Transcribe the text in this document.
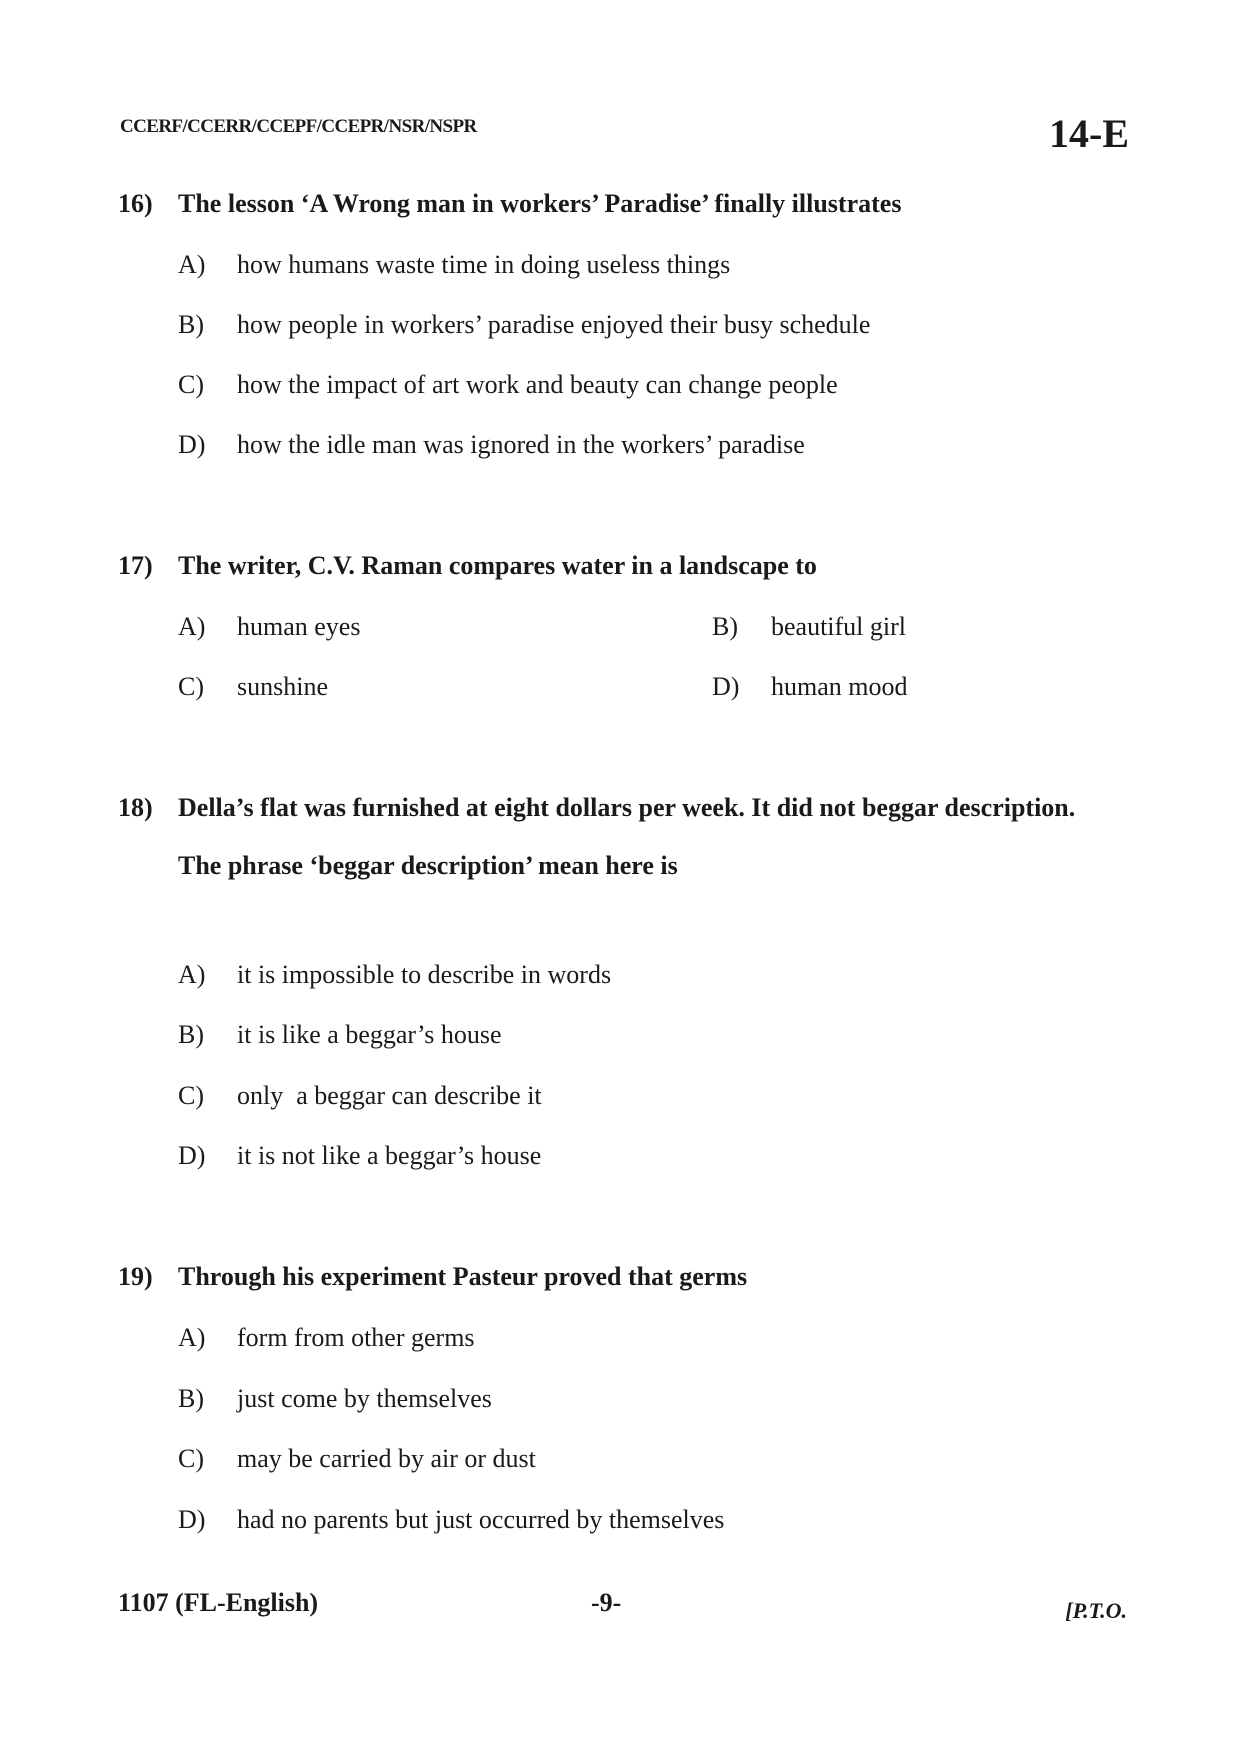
CCERF/CCERR/CCEPF/CCEPR/NSR/NSPR	14-E
16) The lesson ‘A Wrong man in workers’ Paradise’ finally illustrates
A) how humans waste time in doing useless things
B) how people in workers’ paradise enjoyed their busy schedule
C) how the impact of art work and beauty can change people
D) how the idle man was ignored in the workers’ paradise
17) The writer, C.V. Raman compares water in a landscape to
A) human eyes	B) beautiful girl
C) sunshine	D) human mood
18) Della’s flat was furnished at eight dollars per week. It did not beggar description.
The phrase ‘beggar description’ mean here is
A) it is impossible to describe in words
B) it is like a beggar’s house
C) only  a beggar can describe it
D) it is not like a beggar’s house
19) Through his experiment Pasteur proved that germs
A) form from other germs
B) just come by themselves
C) may be carried by air or dust
D) had no parents but just occurred by themselves
1107 (FL-English)	-9-	[P.T.O.
